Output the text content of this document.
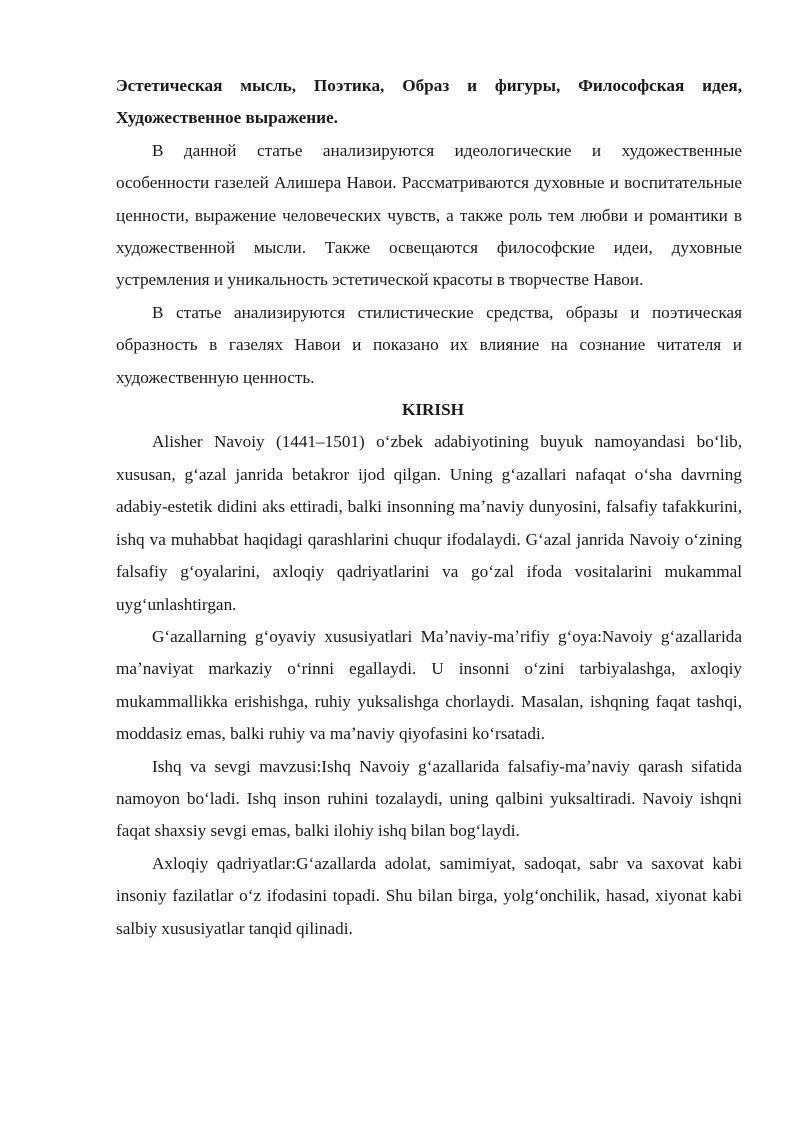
Эстетическая мысль, Поэтика, Образ и фигуры, Философская идея, Художественное выражение.

В данной статье анализируются идеологические и художественные особенности газелей Алишера Навои. Рассматриваются духовные и воспитательные ценности, выражение человеческих чувств, а также роль тем любви и романтики в художественной мысли. Также освещаются философские идеи, духовные устремления и уникальность эстетической красоты в творчестве Навои.

В статье анализируются стилистические средства, образы и поэтическая образность в газелях Навои и показано их влияние на сознание читателя и художественную ценность.

KIRISH

Alisher Navoiy (1441–1501) oʻzbek adabiyotining buyuk namoyandasi boʻlib, xususan, gʻazal janrida betakror ijod qilgan. Uning gʻazallari nafaqat oʻsha davrning adabiy-estetik didini aks ettiradi, balki insonning maʼnaviy dunyosini, falsafiy tafakkurini, ishq va muhabbat haqidagi qarashlarini chuqur ifodalaydi. Gʻazal janrida Navoiy oʻzining falsafiy gʻoyalarini, axloqiy qadriyatlarini va goʻzal ifoda vositalarini mukammal uygʻunlashtirgan.

Gʻazallarning gʻoyaviy xususiyatlari Maʼnaviy-maʼrifiy gʻoya:Navoiy gʻazallarida maʼnaviyat markaziy oʻrinni egallaydi. U insonni oʻzini tarbiyalashga, axloqiy mukammallikka erishishga, ruhiy yuksalishga chorlaydi. Masalan, ishqning faqat tashqi, moddasiz emas, balki ruhiy va maʼnaviy qiyofasini koʻrsatadi.

Ishq va sevgi mavzusi:Ishq Navoiy gʻazallarida falsafiy-maʼnaviy qarash sifatida namoyon boʻladi. Ishq inson ruhini tozalaydi, uning qalbini yuksaltiradi. Navoiy ishqni faqat shaxsiy sevgi emas, balki ilohiy ishq bilan bogʻlaydi.

Axloqiy qadriyatlar:Gʻazallarda adolat, samimiyat, sadoqat, sabr va saxovat kabi insoniy fazilatlar oʻz ifodasini topadi. Shu bilan birga, yolgʻonchilik, hasad, xiyonat kabi salbiy xususiyatlar tanqid qilinadi.
